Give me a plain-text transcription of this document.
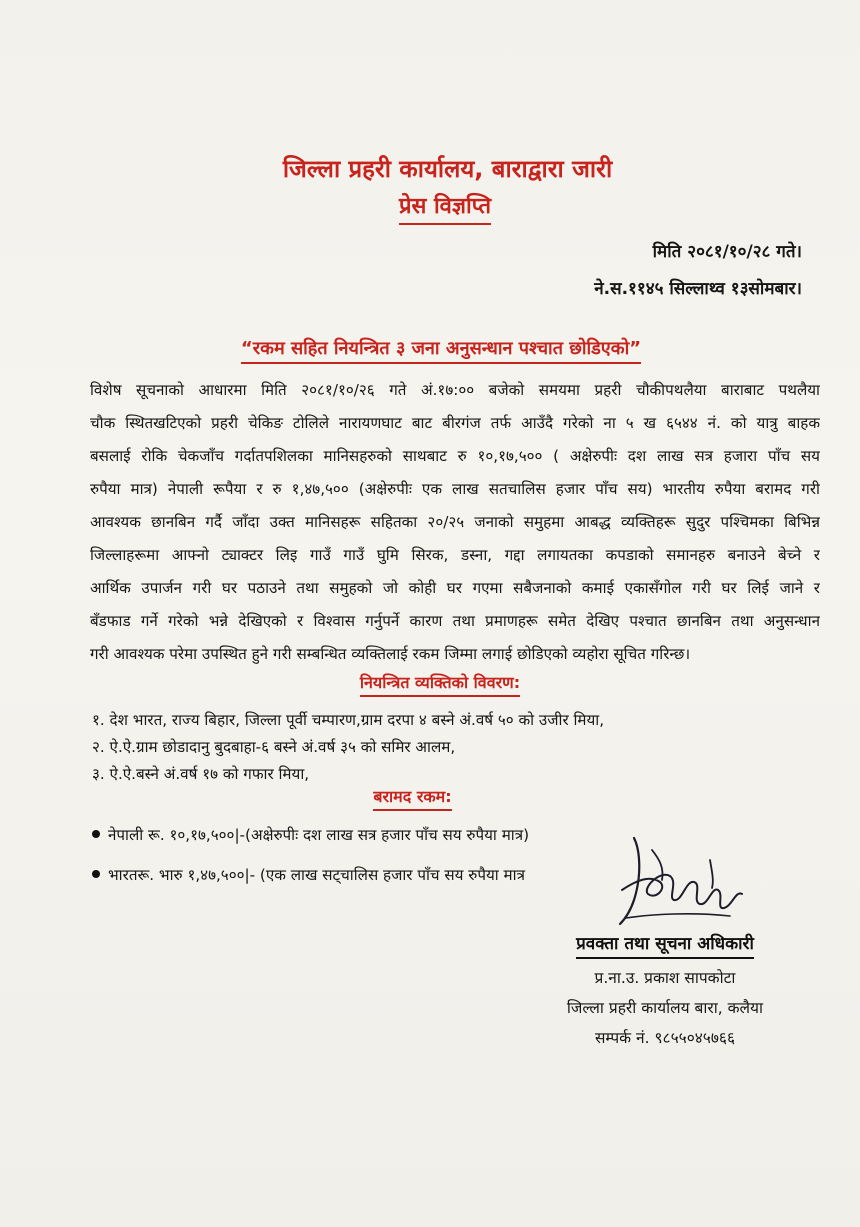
जिल्ला प्रहरी कार्यालय, बाराद्वारा जारी
प्रेस विज्ञप्ति
मिति २०८१/१०/२८ गते।
ने.स.११४५ सिल्लाथ्व १३सोमबार।
“रकम सहित नियन्त्रित ३ जना अनुसन्धान पश्चात छोडिएको”
विशेष सूचनाको आधारमा मिति २०८१/१०/२६ गते अं.१७:०० बजेको समयमा प्रहरी चौकीपथलैया बाराबाट पथलैया
चौक स्थितखटिएको प्रहरी चेकिङ टोलिले नारायणघाट बाट बीरगंज तर्फ आउँदै गरेको ना ५ ख ६५४४ नं. को यात्रु बाहक
बसलाई रोकि चेकजाँच गर्दातपशिलका मानिसहरुको साथबाट रु १०,१७,५०० ( अक्षेरुपीः दश लाख सत्र हजारा पाँच सय
रुपैया मात्र) नेपाली रूपैया र रु १,४७,५०० (अक्षेरुपीः एक लाख सतचालिस हजार पाँच सय) भारतीय रुपैया बरामद गरी
आवश्यक छानबिन गर्दै जाँदा उक्त मानिसहरू सहितका २०/२५ जनाको समुहमा आबद्ध व्यक्तिहरू सुदुर पश्चिमका बिभिन्न
जिल्लाहरूमा आफ्नो ट्याक्टर लिइ गाउँ गाउँ घुमि सिरक, डस्ना, गद्दा लगायतका कपडाको समानहरु बनाउने बेच्ने र
आर्थिक उपार्जन गरी घर पठाउने तथा समुहको जो कोही घर गएमा सबैजनाको कमाई एकासँगोल गरी घर लिई जाने र
बँडफाड गर्ने गरेको भन्ने देखिएको र विश्वास गर्नुपर्ने कारण तथा प्रमाणहरू समेत देखिए पश्चात छानबिन तथा अनुसन्धान
गरी आवश्यक परेमा उपस्थित हुने गरी सम्बन्धित व्यक्तिलाई रकम जिम्मा लगाई छोडिएको व्यहोरा सूचित गरिन्छ।
नियन्त्रित व्यक्तिको विवरण:
१. देश भारत, राज्य बिहार, जिल्ला पूर्वी चम्पारण,ग्राम दरपा ४ बस्ने अं.वर्ष ५० को उजीर मिया,
२. ऐ.ऐ.ग्राम छोडादानु बुदबाहा-६ बस्ने अं.वर्ष ३५ को समिर आलम,
३. ऐ.ऐ.बस्ने अं.वर्ष १७ को गफार मिया,
बरामद रकम:
नेपाली रू. १०,१७,५००|-(अक्षेरुपीः दश लाख सत्र हजार पाँच सय रुपैया मात्र)
भारतरू. भारु १,४७,५००|- (एक लाख सट्चालिस हजार पाँच सय रुपैया मात्र
प्रवक्ता तथा सूचना अधिकारी
प्र.ना.उ. प्रकाश सापकोटा
जिल्ला प्रहरी कार्यालय बारा, कलैया
सम्पर्क नं. ९८५५०४५७६६
